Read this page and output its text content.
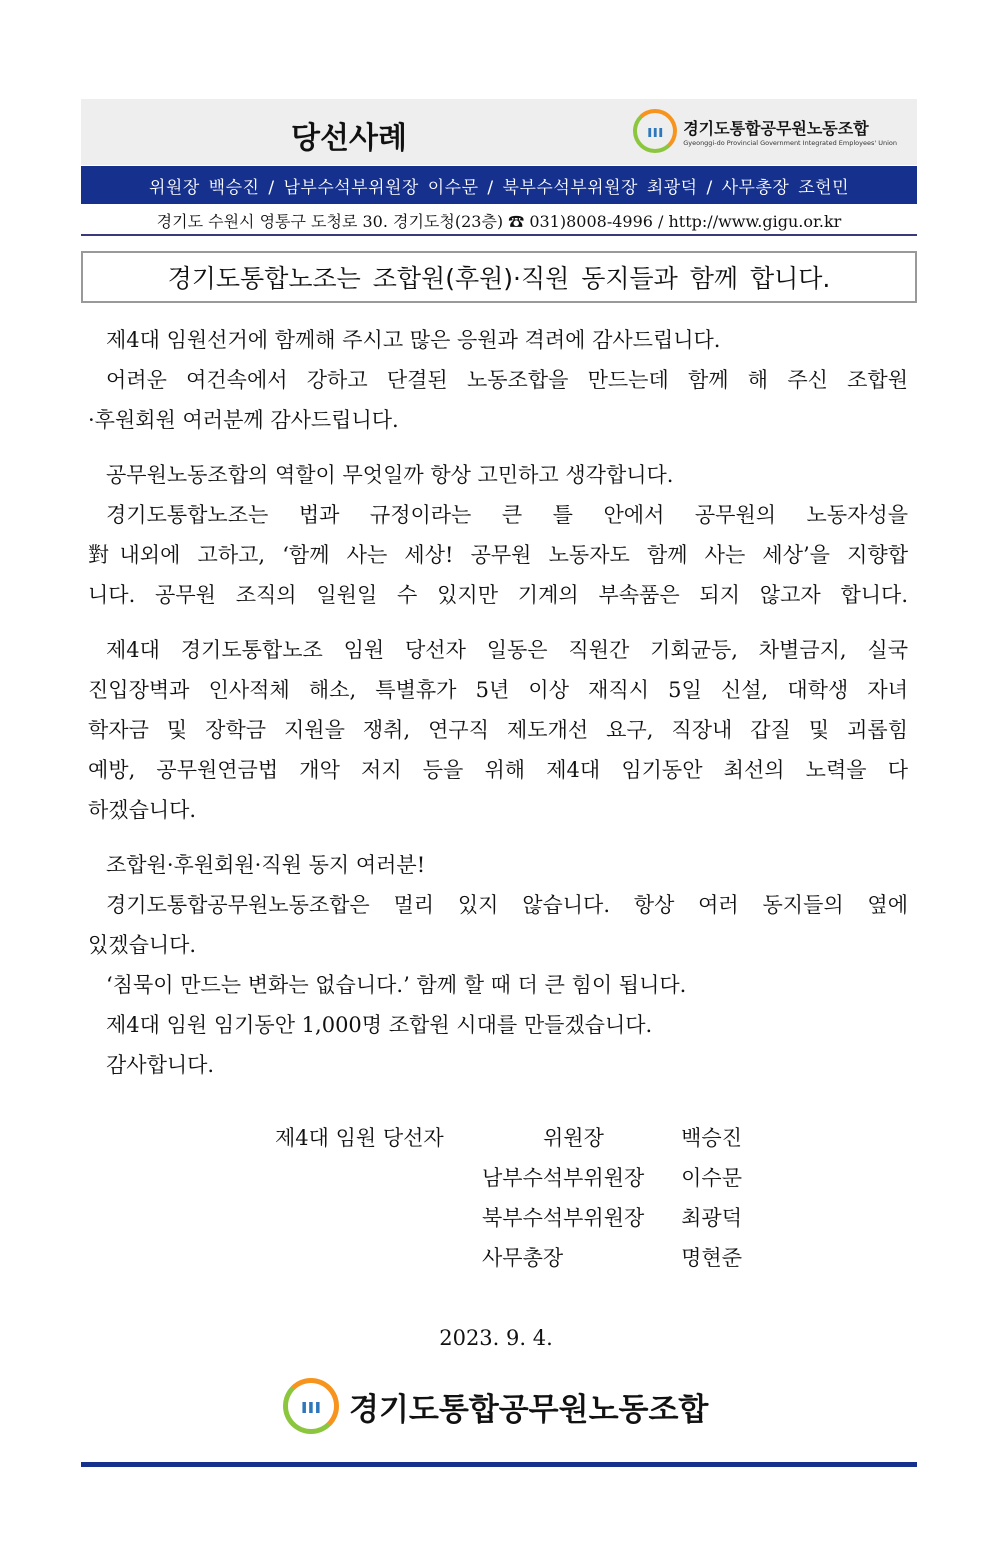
당선사례	ııı	경기도통합공무원노동조합
Gyeonggi-do Provincial Government Integrated Employees' Union
위원장 백승진 / 남부수석부위원장 이수문 / 북부수석부위원장 최광덕 / 사무총장 조헌민
경기도 수원시 영통구 도청로 30. 경기도청(23층) ☎ 031)8008-4996 / http://www.gigu.or.kr
경기도통합노조는 조합원(후원)·직원 동지들과 함께 합니다.
제4대 임원선거에 함께해 주시고 많은 응원과 격려에 감사드립니다.
어려운 여건속에서 강하고 단결된 노동조합을 만드는데 함께 해 주신 조합원
·후원회원 여러분께 감사드립니다.
공무원노동조합의 역할이 무엇일까 항상 고민하고 생각합니다.
경기도통합노조는 법과 규정이라는 큰 틀 안에서 공무원의 노동자성을
對내외에 고하고, ‘함께 사는 세상! 공무원 노동자도 함께 사는 세상’을 지향합
니다. 공무원 조직의 일원일 수 있지만 기계의 부속품은 되지 않고자 합니다.
제4대 경기도통합노조 임원 당선자 일동은 직원간 기회균등, 차별금지, 실국
진입장벽과 인사적체 해소, 특별휴가 5년 이상 재직시 5일 신설, 대학생 자녀
학자금 및 장학금 지원을 쟁취, 연구직 제도개선 요구, 직장내 갑질 및 괴롭힘
예방, 공무원연금법 개악 저지 등을 위해 제4대 임기동안 최선의 노력을 다
하겠습니다.
조합원·후원회원·직원 동지 여러분!
경기도통합공무원노동조합은 멀리 있지 않습니다. 항상 여러 동지들의 옆에
있겠습니다.
‘침묵이 만드는 변화는 없습니다.’ 함께 할 때 더 큰 힘이 됩니다.
제4대 임원 임기동안 1,000명 조합원 시대를 만들겠습니다.
감사합니다.
제4대 임원 당선자	위원장	백승진
남부수석부위원장 이수문
북부수석부위원장 최광덕
사무총장	명현준
2023. 9. 4.
ııı 경기도통합공무원노동조합
